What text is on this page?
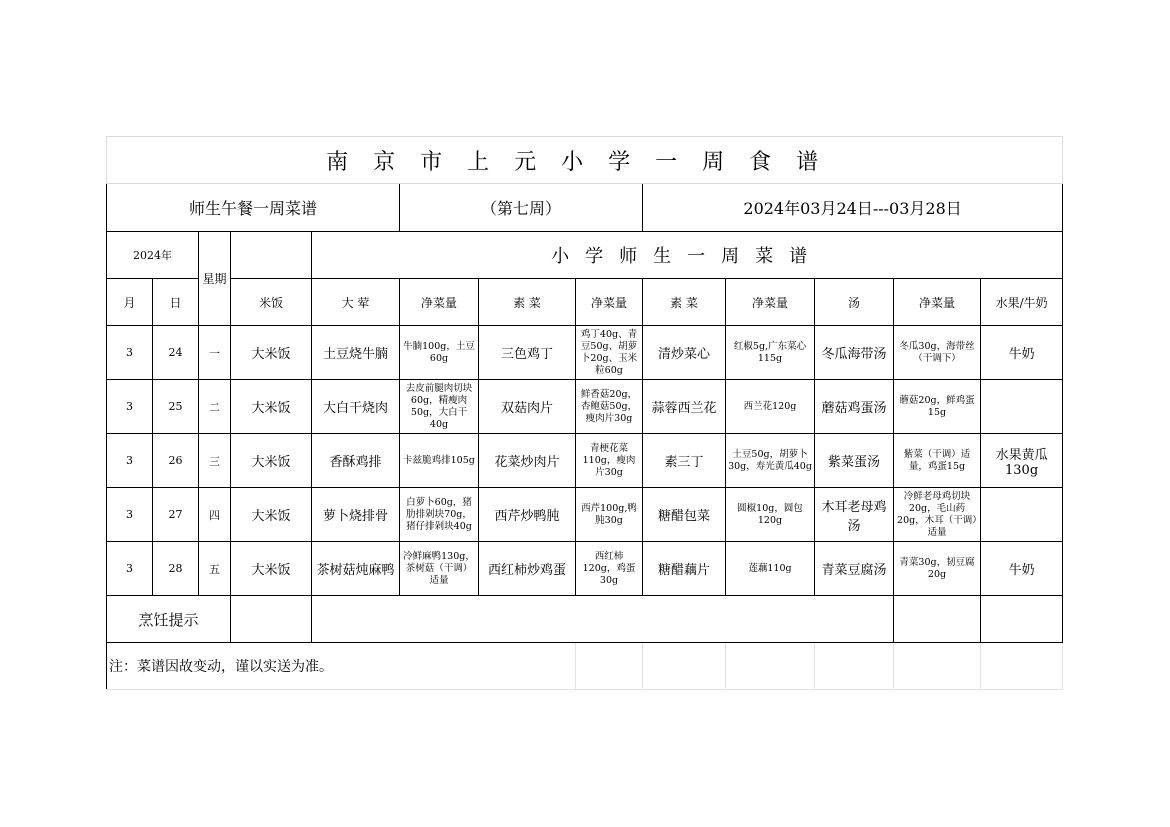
南京市上元小学一周食谱												
师生午餐一周菜谱					（第七周）			2024年03月24日---03月28日				
2024年		星期		小学师生一周菜谱								
月	日		米饭	大 荤	净菜量	素 菜	净菜量	素 菜	净菜量	汤	净菜量	水果/牛奶
3	24	一	大米饭	土豆烧牛腩	牛腩100g，土豆60g	三色鸡丁	鸡丁40g、青豆50g、胡萝卜20g、玉米粒60g	清炒菜心	红椒5g,广东菜心115g	冬瓜海带汤	冬瓜30g，海带丝（干调下）	牛奶
3	25	二	大米饭	大白干烧肉	去皮前腿肉切块60g，精瘦肉50g，大白干40g	双菇肉片	鲜香菇20g，杏鲍菇50g，瘦肉片30g	蒜蓉西兰花	西兰花120g	蘑菇鸡蛋汤	蘑菇20g，鲜鸡蛋15g	
3	26	三	大米饭	香酥鸡排	卡兹脆鸡排105g	花菜炒肉片	青梗花菜110g，瘦肉片30g	素三丁	土豆50g，胡萝卜30g，寿光黄瓜40g	紫菜蛋汤	紫菜（干调）适量，鸡蛋15g	水果黄瓜130g
3	27	四	大米饭	萝卜烧排骨	白萝卜60g，猪肋排剁块70g，猪仔排剁块40g	西芹炒鸭肫	西芹100g,鸭肫30g	糖醋包菜	圆椒10g，圆包120g	木耳老母鸡汤	冷鲜老母鸡切块20g，毛山药20g，木耳（干调）适量	
3	28	五	大米饭	茶树菇炖麻鸭	冷鲜麻鸭130g，茶树菇（干调）适量	西红柿炒鸡蛋	西红柿120g，鸡蛋30g	糖醋藕片	莲藕110g	青菜豆腐汤	青菜30g，韧豆腐20g	牛奶
烹饪提示												
注：菜谱因故变动，谨以实送为准。												
